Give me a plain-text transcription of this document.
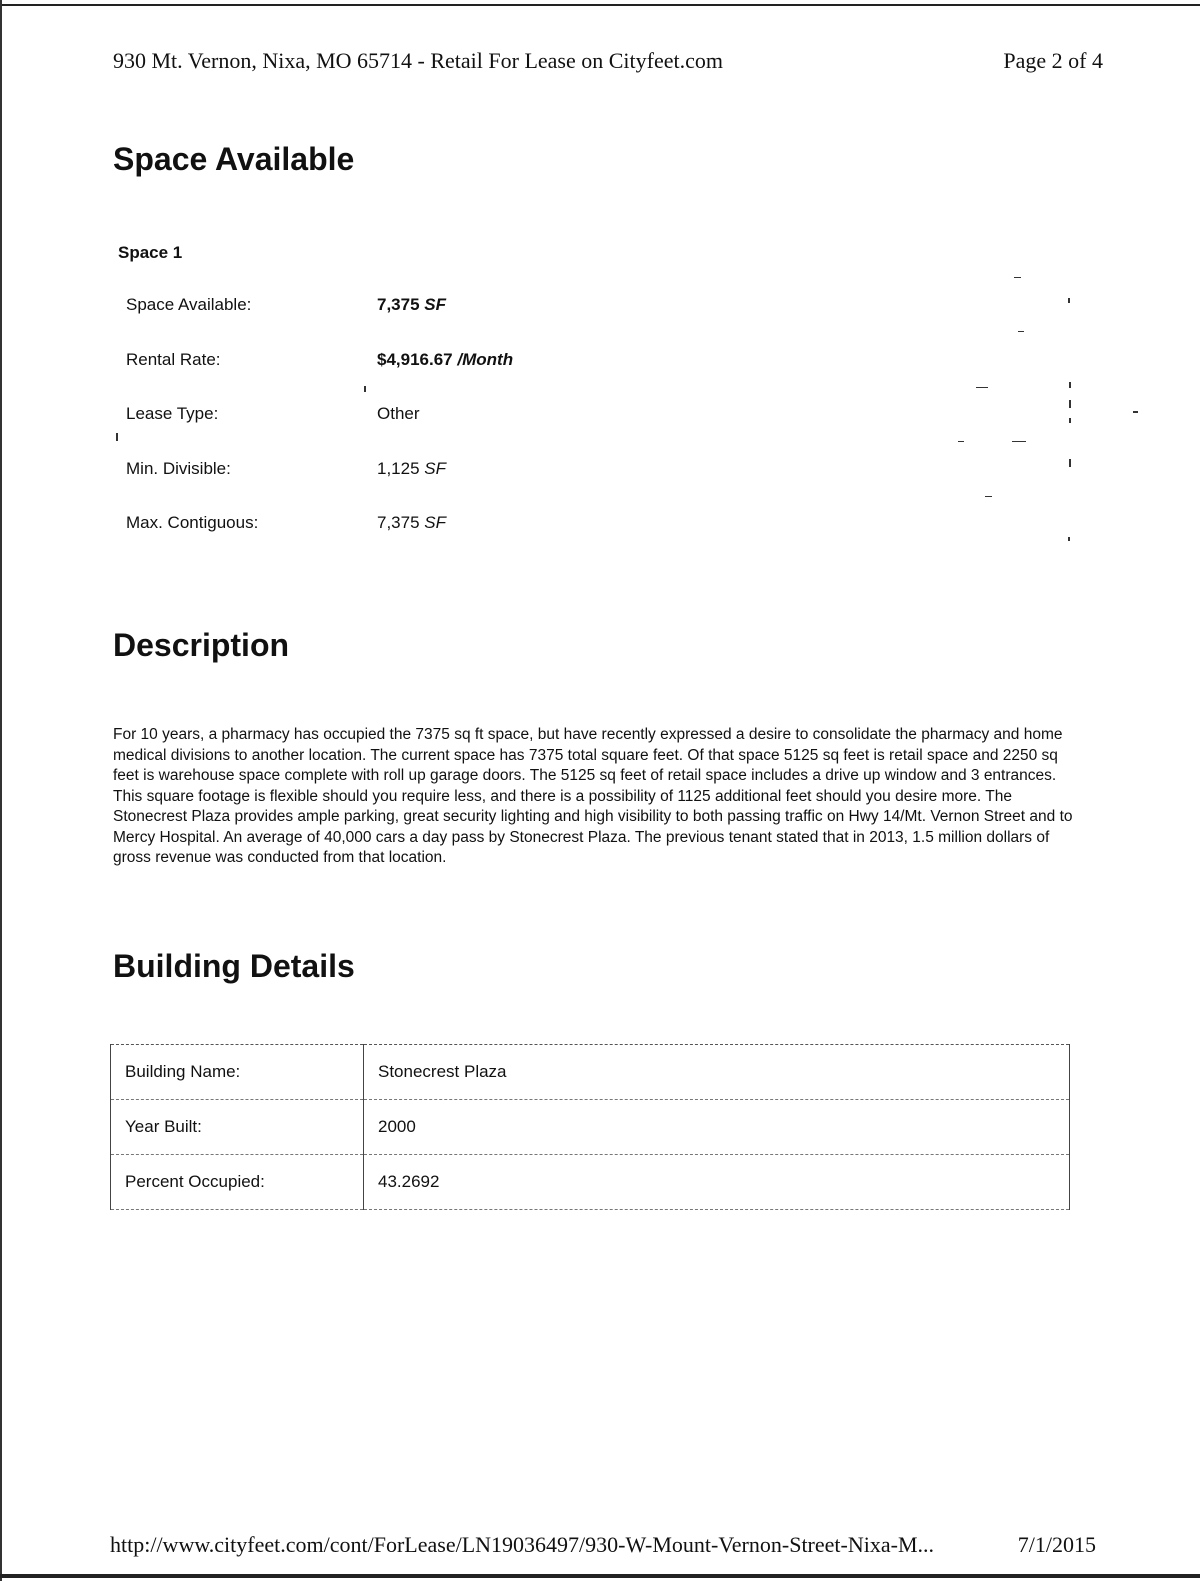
930 Mt. Vernon, Nixa, MO 65714 - Retail For Lease on Cityfeet.com	Page 2 of 4
Space Available
Space 1
Space Available:	7,375 SF
Rental Rate:	$4,916.67 /Month
Lease Type:	Other
Min. Divisible:	1,125 SF
Max. Contiguous:	7,375 SF
Description

For 10 years, a pharmacy has occupied the 7375 sq ft space, but have recently expressed a desire to consolidate the pharmacy and home medical divisions to another location. The current space has 7375 total square feet. Of that space 5125 sq feet is retail space and 2250 sq feet is warehouse space complete with roll up garage doors. The 5125 sq feet of retail space includes a drive up window and 3 entrances. This square footage is flexible should you require less, and there is a possibility of 1125 additional feet should you desire more. The Stonecrest Plaza provides ample parking, great security lighting and high visibility to both passing traffic on Hwy 14/Mt. Vernon Street and to Mercy Hospital. An average of 40,000 cars a day pass by Stonecrest Plaza. The previous tenant stated that in 2013, 1.5 million dollars of gross revenue was conducted from that location.

Building Details
Building Name:	Stonecrest Plaza
Year Built:	2000
Percent Occupied:	43.2692
http://www.cityfeet.com/cont/ForLease/LN19036497/930-W-Mount-Vernon-Street-Nixa-M...	7/1/2015
